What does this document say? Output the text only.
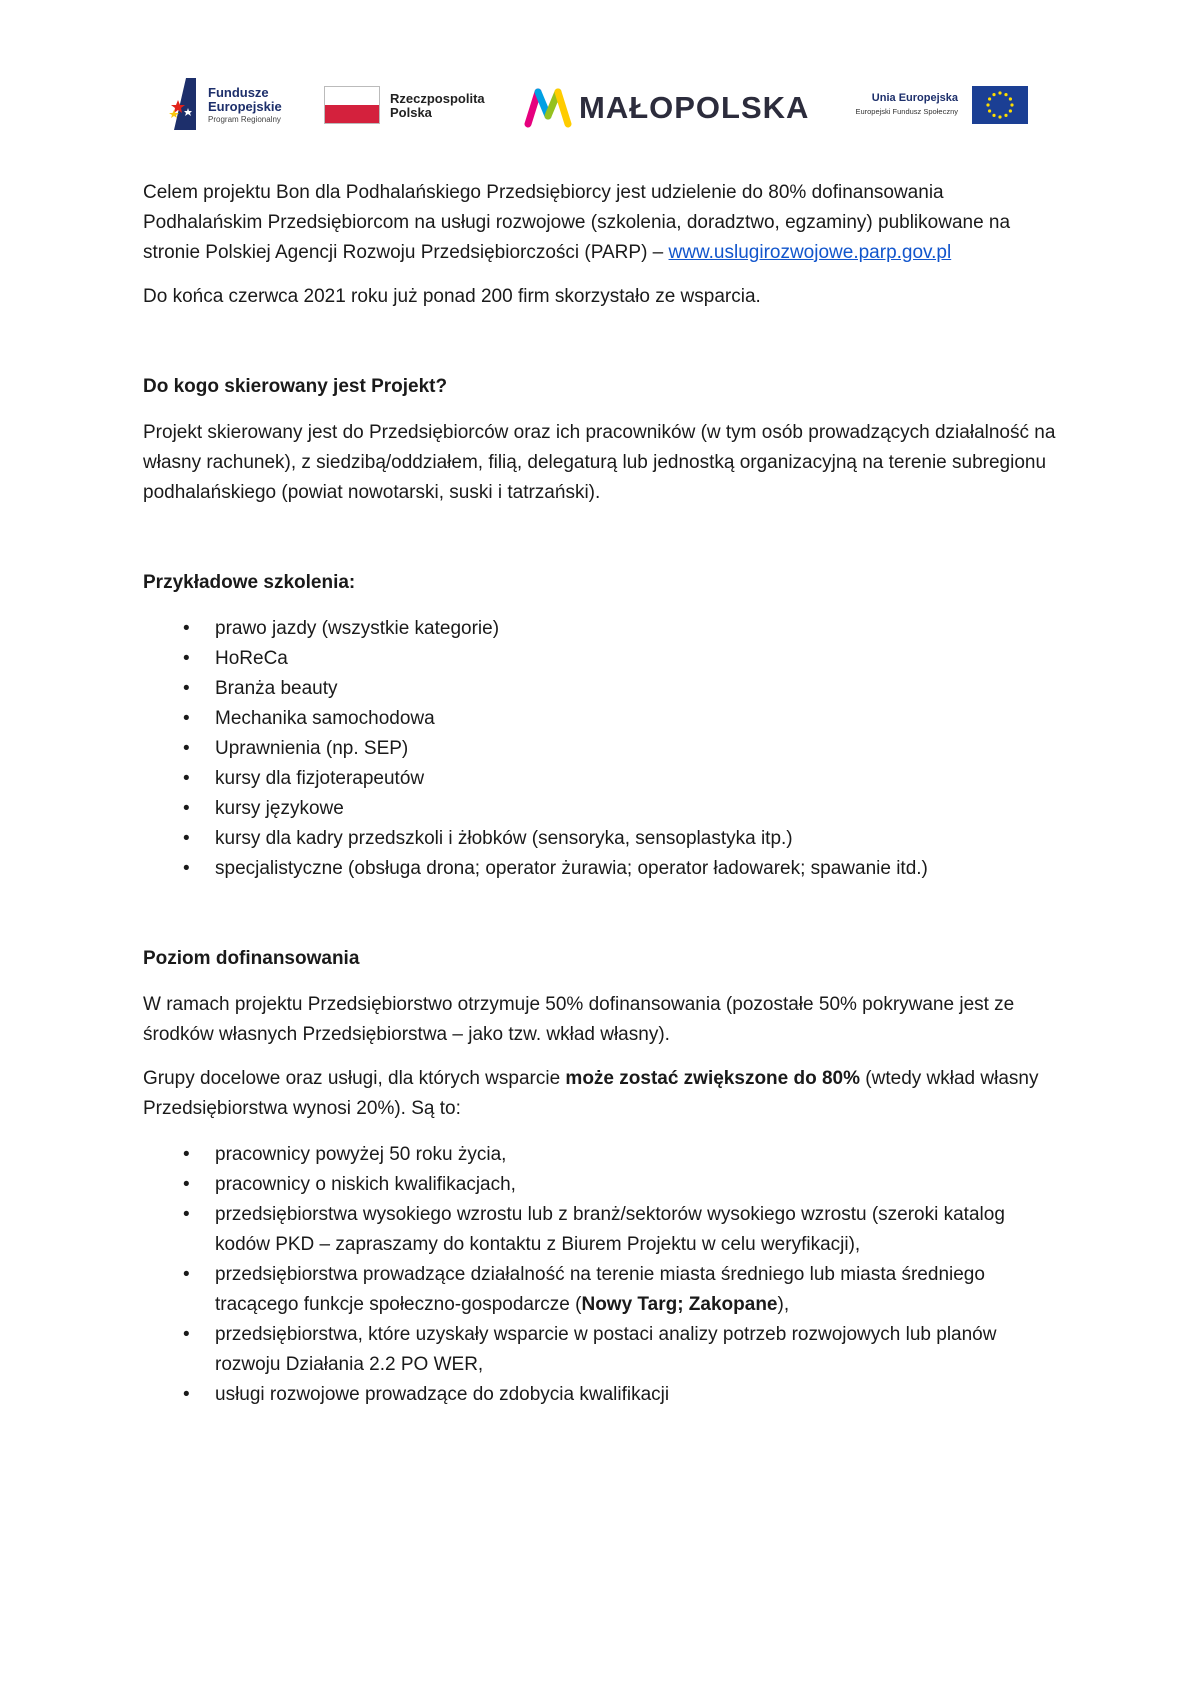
Fundusze
Europejskie
Program Regionalny
Rzeczpospolita
Polska	MAŁOPOLSKA	Unia Europejska
Europejski Fundusz Społeczny

Celem projektu Bon dla Podhalańskiego Przedsiębiorcy jest udzielenie do 80% dofinansowania Podhalańskim Przedsiębiorcom na usługi rozwojowe (szkolenia, doradztwo, egzaminy) publikowane na stronie Polskiej Agencji Rozwoju Przedsiębiorczości (PARP) – www.uslugirozwojowe.parp.gov.pl

Do końca czerwca 2021 roku już ponad 200 firm skorzystało ze wsparcia.

Do kogo skierowany jest Projekt?

Projekt skierowany jest do Przedsiębiorców oraz ich pracowników (w tym osób prowadzących działalność na własny rachunek), z siedzibą/oddziałem, filią, delegaturą lub jednostką organizacyjną na terenie subregionu podhalańskiego (powiat nowotarski, suski i tatrzański).

Przykładowe szkolenia:

• prawo jazdy (wszystkie kategorie)
• HoReCa
• Branża beauty
• Mechanika samochodowa
• Uprawnienia (np. SEP)
• kursy dla fizjoterapeutów
• kursy językowe
• kursy dla kadry przedszkoli i żłobków (sensoryka, sensoplastyka itp.)
• specjalistyczne (obsługa drona; operator żurawia; operator ładowarek; spawanie itd.)

Poziom dofinansowania

W ramach projektu Przedsiębiorstwo otrzymuje 50% dofinansowania (pozostałe 50% pokrywane jest ze środków własnych Przedsiębiorstwa – jako tzw. wkład własny).

Grupy docelowe oraz usługi, dla których wsparcie może zostać zwiększone do 80% (wtedy wkład własny Przedsiębiorstwa wynosi 20%). Są to:

• pracownicy powyżej 50 roku życia,
• pracownicy o niskich kwalifikacjach,
• przedsiębiorstwa wysokiego wzrostu lub z branż/sektorów wysokiego wzrostu (szeroki katalog kodów PKD – zapraszamy do kontaktu z Biurem Projektu w celu weryfikacji),
• przedsiębiorstwa prowadzące działalność na terenie miasta średniego lub miasta średniego tracącego funkcje społeczno-gospodarcze (Nowy Targ; Zakopane),
• przedsiębiorstwa, które uzyskały wsparcie w postaci analizy potrzeb rozwojowych lub planów rozwoju Działania 2.2 PO WER,
• usługi rozwojowe prowadzące do zdobycia kwalifikacji
